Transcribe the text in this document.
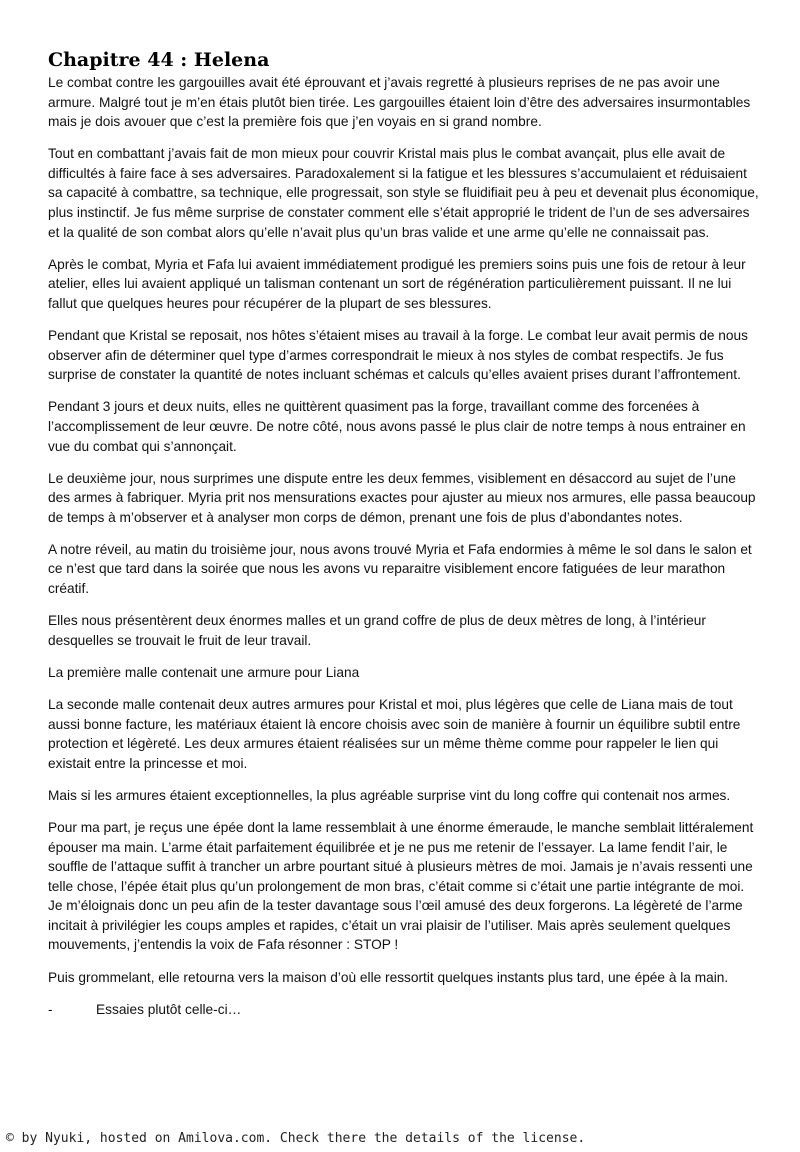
Chapitre 44 : Helena

Le combat contre les gargouilles avait été éprouvant et j’avais regretté à plusieurs reprises de ne pas avoir une armure. Malgré tout je m’en étais plutôt bien tirée. Les gargouilles étaient loin d’être des adversaires insurmontables mais je dois avouer que c’est la première fois que j’en voyais en si grand nombre.

Tout en combattant j’avais fait de mon mieux pour couvrir Kristal mais plus le combat avançait, plus elle avait de difficultés à faire face à ses adversaires. Paradoxalement si la fatigue et les blessures s’accumulaient et réduisaient sa capacité à combattre, sa technique, elle progressait, son style se fluidifiait peu à peu et devenait plus économique, plus instinctif. Je fus même surprise de constater comment elle s’était approprié le trident de l’un de ses adversaires et la qualité de son combat alors qu’elle n’avait plus qu’un bras valide et une arme qu’elle ne connaissait pas.

Après le combat, Myria et Fafa lui avaient immédiatement prodigué les premiers soins puis une fois de retour à leur atelier, elles lui avaient appliqué un talisman contenant un sort de régénération particulièrement puissant. Il ne lui fallut que quelques heures pour récupérer de la plupart de ses blessures.

Pendant que Kristal se reposait, nos hôtes s’étaient mises au travail à la forge. Le combat leur avait permis de nous observer afin de déterminer quel type d’armes correspondrait le mieux à nos styles de combat respectifs. Je fus surprise de constater la quantité de notes incluant schémas et calculs qu’elles avaient prises durant l’affrontement.

Pendant 3 jours et deux nuits, elles ne quittèrent quasiment pas la forge, travaillant comme des forcenées à l’accomplissement de leur œuvre. De notre côté, nous avons passé le plus clair de notre temps à nous entrainer en vue du combat qui s’annonçait.

Le deuxième jour, nous surprimes une dispute entre les deux femmes, visiblement en désaccord au sujet de l’une des armes à fabriquer. Myria prit nos mensurations exactes pour ajuster au mieux nos armures, elle passa beaucoup de temps à m’observer et à analyser mon corps de démon, prenant une fois de plus d’abondantes notes.

A notre réveil, au matin du troisième jour, nous avons trouvé Myria et Fafa endormies à même le sol dans le salon et ce n’est que tard dans la soirée que nous les avons vu reparaitre visiblement encore fatiguées de leur marathon créatif.

Elles nous présentèrent deux énormes malles et un grand coffre de plus de deux mètres de long, à l’intérieur desquelles se trouvait le fruit de leur travail.

La première malle contenait une armure pour Liana

La seconde malle contenait deux autres armures pour Kristal et moi, plus légères que celle de Liana mais de tout aussi bonne facture, les matériaux étaient là encore choisis avec soin de manière à fournir un équilibre subtil entre protection et légèreté. Les deux armures étaient réalisées sur un même thème comme pour rappeler le lien qui existait entre la princesse et moi.

Mais si les armures étaient exceptionnelles, la plus agréable surprise vint du long coffre qui contenait nos armes.

Pour ma part, je reçus une épée dont la lame ressemblait à une énorme émeraude, le manche semblait littéralement épouser ma main. L’arme était parfaitement équilibrée et je ne pus me retenir de l’essayer. La lame fendit l’air, le souffle de l’attaque suffit à trancher un arbre pourtant situé à plusieurs mètres de moi. Jamais je n’avais ressenti une telle chose, l’épée était plus qu’un prolongement de mon bras, c’était comme si c’était une partie intégrante de moi. Je m’éloignais donc un peu afin de la tester davantage sous l’œil amusé des deux forgerons. La légèreté de l’arme incitait à privilégier les coups amples et rapides, c’était un vrai plaisir de l’utiliser. Mais après seulement quelques mouvements, j’entendis la voix de Fafa résonner : STOP !

Puis grommelant, elle retourna vers la maison d’où elle ressortit quelques instants plus tard, une épée à la main.

-	Essaies plutôt celle-ci…
© by Nyuki, hosted on Amilova.com. Check there the details of the license.
